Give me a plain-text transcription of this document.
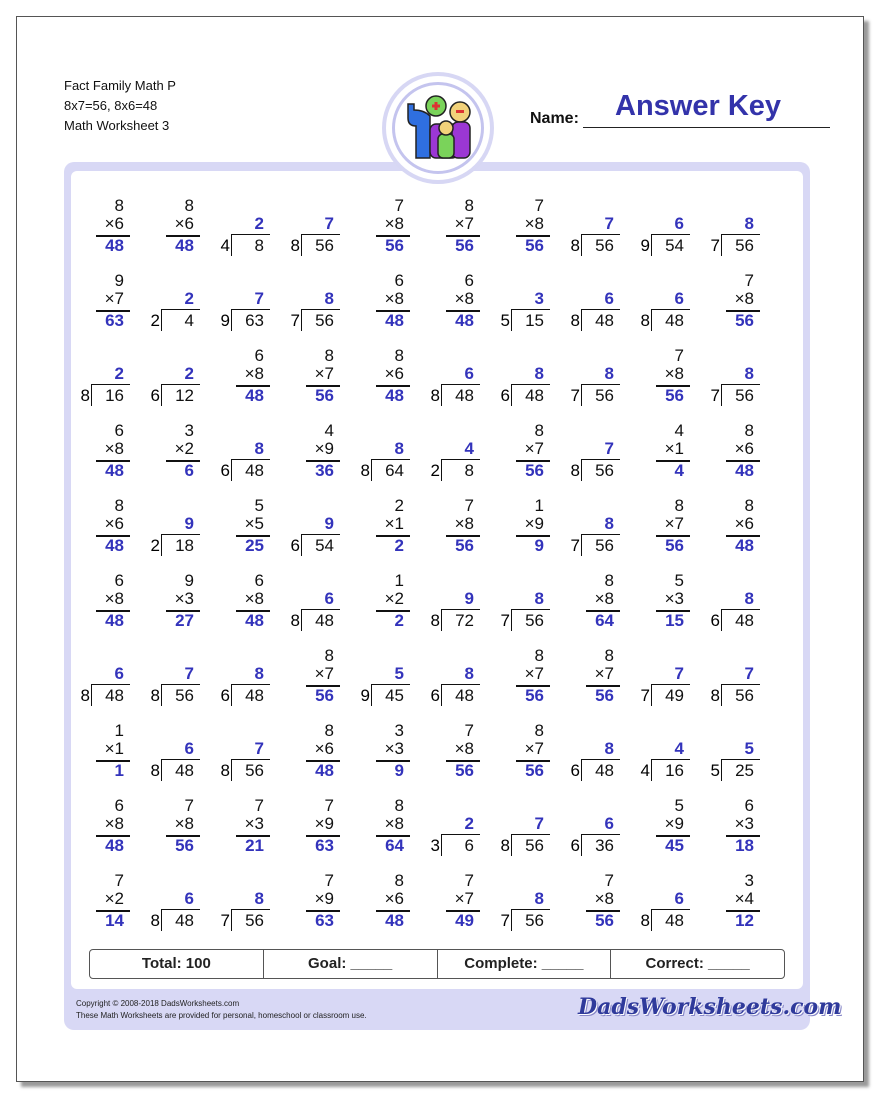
Fact Family Math P
8x7=56, 8x6=48
Math Worksheet 3	Name: Answer Key
8
×6
48
8
×6
48
2
4 8
7
8 56
7
×8
56
8
×7
56
7
×8
56
7
8 56
6
9 54
8
7 56
9
×7
63
2
2 4
7
9 63
8
7 56
6
×8
48
6
×8
48
3
5 15
6
8 48
6
8 48
7
×8
56
2
8 16
2
6 12
6
×8
48
8
×7
56
8
×6
48
6
8 48
8
6 48
8
7 56
7
×8
56
8
7 56
6
×8
48
3
×2
6
8
6 48
4
×9
36
8
8 64
4
2 8
8
×7
56
7
8 56
4
×1
4
8
×6
48
8
×6
48
9
2 18
5
×5
25
9
6 54
2
×1
2
7
×8
56
1
×9
9
8
7 56
8
×7
56
8
×6
48
6
×8
48
9
×3
27
6
×8
48
6
8 48
1
×2
2
9
8 72
8
7 56
8
×8
64
5
×3
15
8
6 48
6
8 48
7
8 56
8
6 48
8
×7
56
5
9 45
8
6 48
8
×7
56
8
×7
56
7
7 49
7
8 56
1
×1
1
6
8 48
7
8 56
8
×6
48
3
×3
9
7
×8
56
8
×7
56
8
6 48
4
4 16
5
5 25
6
×8
48
7
×8
56
7
×3
21
7
×9
63
8
×8
64
2
3 6
7
8 56
6
6 36
5
×9
45
6
×3
18
7
×2
14
6
8 48
8
7 56
7
×9
63
8
×6
48
7
×7
49
8
7 56
7
×8
56
6
8 48
3
×4
12
Total: 100	Goal: _____	Complete: _____	Correct: _____
Copyright © 2008-2018 DadsWorksheets.com
These Math Worksheets are provided for personal, homeschool or classroom use.	DadsWorksheets.com
